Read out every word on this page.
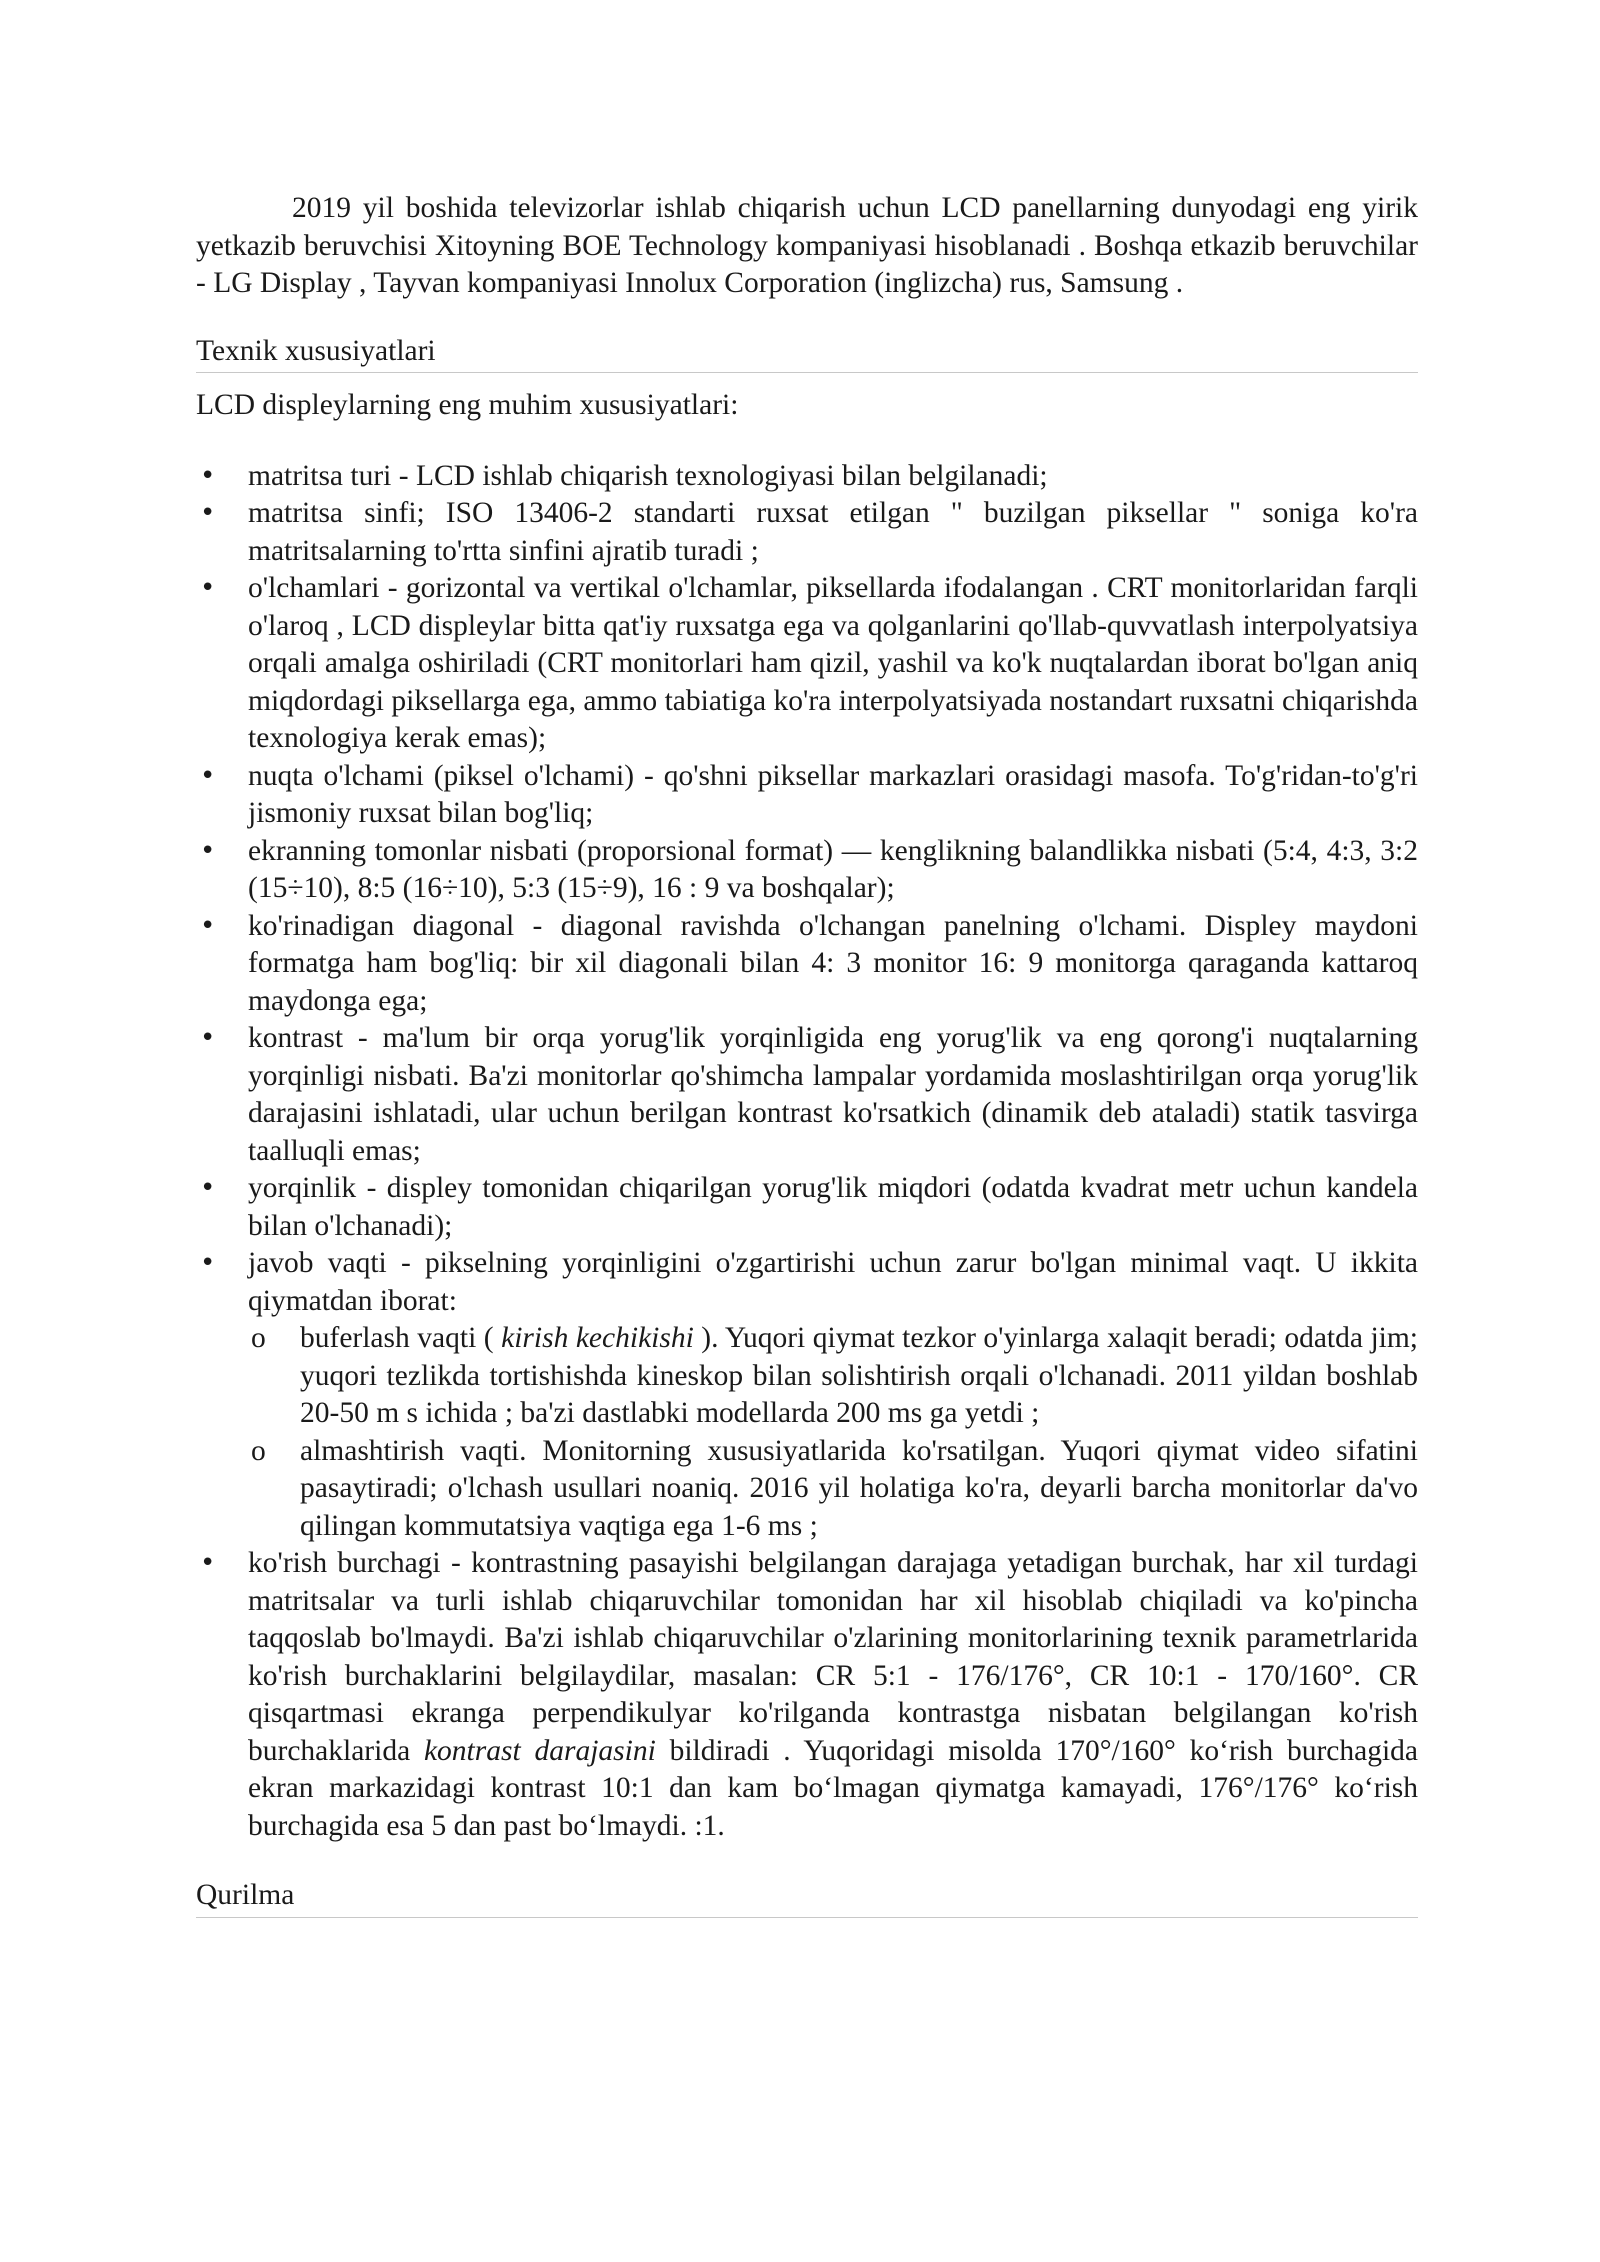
2019 yil boshida televizorlar ishlab chiqarish uchun LCD panellarning dunyodagi eng yirik yetkazib beruvchisi Xitoyning BOE Technology kompaniyasi hisoblanadi . Boshqa etkazib beruvchilar - LG Display , Tayvan kompaniyasi Innolux Corporation (inglizcha) rus, Samsung .

Texnik xususiyatlari

LCD displeylarning eng muhim xususiyatlari:

• matritsa turi - LCD ishlab chiqarish texnologiyasi bilan belgilanadi;
• matritsa sinfi; ISO 13406-2 standarti ruxsat etilgan " buzilgan piksellar " soniga ko'ra matritsalarning to'rtta sinfini ajratib turadi ;
• o'lchamlari - gorizontal va vertikal o'lchamlar, piksellarda ifodalangan . CRT monitorlaridan farqli o'laroq , LCD displeylar bitta qat'iy ruxsatga ega va qolganlarini qo'llab-quvvatlash interpolyatsiya orqali amalga oshiriladi (CRT monitorlari ham qizil, yashil va ko'k nuqtalardan iborat bo'lgan aniq miqdordagi piksellarga ega, ammo tabiatiga ko'ra interpolyatsiyada nostandart ruxsatni chiqarishda texnologiya kerak emas);
• nuqta o'lchami (piksel o'lchami) - qo'shni piksellar markazlari orasidagi masofa. To'g'ridan-to'g'ri jismoniy ruxsat bilan bog'liq;
• ekranning tomonlar nisbati (proporsional format) — kenglikning balandlikka nisbati (5:4, 4:3, 3:2 (15÷10), 8:5 (16÷10), 5:3 (15÷9), 16 : 9 va boshqalar);
• ko'rinadigan diagonal - diagonal ravishda o'lchangan panelning o'lchami. Displey maydoni formatga ham bog'liq: bir xil diagonali bilan 4: 3 monitor 16: 9 monitorga qaraganda kattaroq maydonga ega;
• kontrast - ma'lum bir orqa yorug'lik yorqinligida eng yorug'lik va eng qorong'i nuqtalarning yorqinligi nisbati. Ba'zi monitorlar qo'shimcha lampalar yordamida moslashtirilgan orqa yorug'lik darajasini ishlatadi, ular uchun berilgan kontrast ko'rsatkich (dinamik deb ataladi) statik tasvirga taalluqli emas;
• yorqinlik - displey tomonidan chiqarilgan yorug'lik miqdori (odatda kvadrat metr uchun kandela bilan o'lchanadi);
• javob vaqti - pikselning yorqinligini o'zgartirishi uchun zarur bo'lgan minimal vaqt. U ikkita qiymatdan iborat:
o buferlash vaqti ( kirish kechikishi ). Yuqori qiymat tezkor o'yinlarga xalaqit beradi; odatda jim; yuqori tezlikda tortishishda kineskop bilan solishtirish orqali o'lchanadi. 2011 yildan boshlab 20-50 m s ichida ; ba'zi dastlabki modellarda 200 ms ga yetdi ;
o almashtirish vaqti. Monitorning xususiyatlarida ko'rsatilgan. Yuqori qiymat video sifatini pasaytiradi; o'lchash usullari noaniq. 2016 yil holatiga ko'ra, deyarli barcha monitorlar da'vo qilingan kommutatsiya vaqtiga ega 1-6 ms ;
• ko'rish burchagi - kontrastning pasayishi belgilangan darajaga yetadigan burchak, har xil turdagi matritsalar va turli ishlab chiqaruvchilar tomonidan har xil hisoblab chiqiladi va ko'pincha taqqoslab bo'lmaydi. Ba'zi ishlab chiqaruvchilar o'zlarining monitorlarining texnik parametrlarida ko'rish burchaklarini belgilaydilar, masalan: CR 5:1 - 176/176°, CR 10:1 - 170/160°. CR qisqartmasi ekranga perpendikulyar ko'rilganda kontrastga nisbatan belgilangan ko'rish burchaklarida kontrast darajasini bildiradi . Yuqoridagi misolda 170°/160° ko‘rish burchagida ekran markazidagi kontrast 10:1 dan kam bo‘lmagan qiymatga kamayadi, 176°/176° ko‘rish burchagida esa 5 dan past bo‘lmaydi. :1.

Qurilma
